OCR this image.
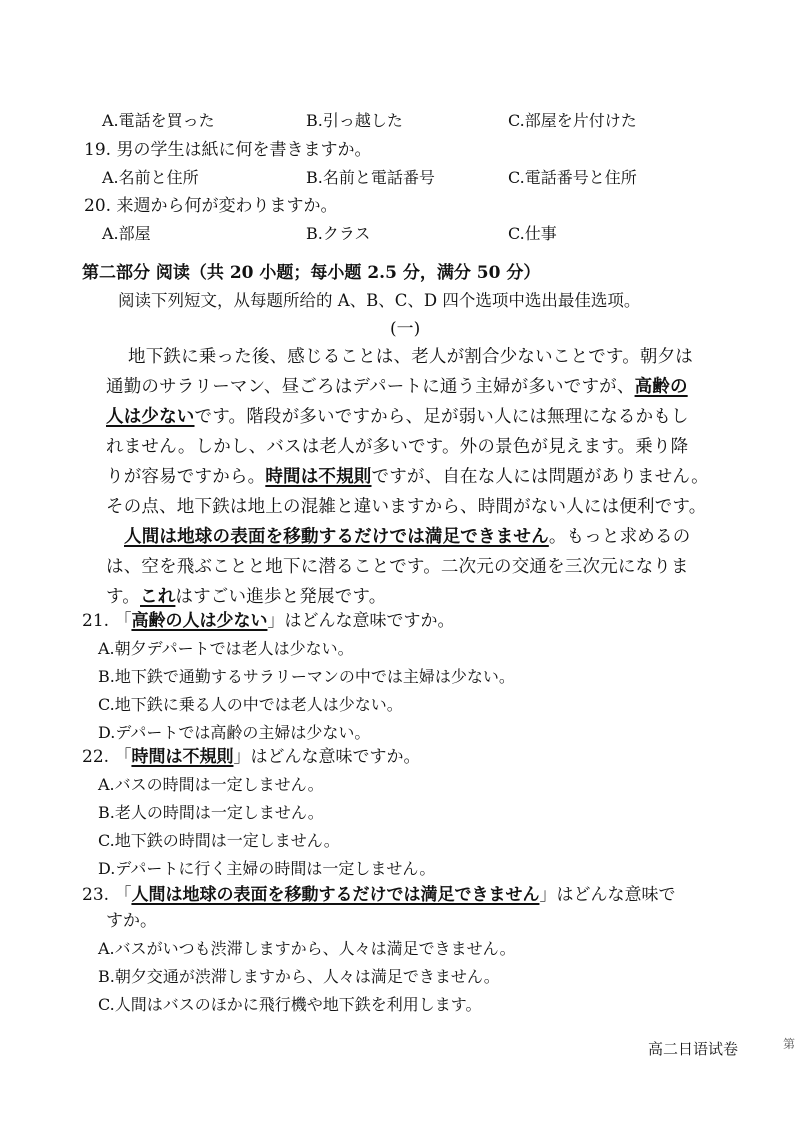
A.電話を買った	B.引っ越した	C.部屋を片付けた
19. 男の学生は紙に何を書きますか。
A.名前と住所	B.名前と電話番号	C.電話番号と住所
20. 来週から何が変わりますか。
A.部屋	B.クラス	C.仕事
第二部分 阅读（共 20 小题；每小题 2.5 分，满分 50 分）
阅读下列短文，从每题所给的 A、B、C、D 四个选项中选出最佳选项。
(一)
地下鉄に乗った後、感じることは、老人が割合少ないことです。朝夕は
通勤のサラリーマン、昼ごろはデパートに通う主婦が多いですが、高齢の
人は少ないです。階段が多いですから、足が弱い人には無理になるかもし
れません。しかし、バスは老人が多いです。外の景色が見えます。乗り降
りが容易ですから。時間は不規則ですが、自在な人には問題がありません。
その点、地下鉄は地上の混雑と違いますから、時間がない人には便利です。
人間は地球の表面を移動するだけでは満足できません。もっと求めるの
は、空を飛ぶことと地下に潜ることです。二次元の交通を三次元になりま
す。これはすごい進歩と発展です。
21. 「高齢の人は少ない」はどんな意味ですか。
A.朝夕デパートでは老人は少ない。
B.地下鉄で通勤するサラリーマンの中では主婦は少ない。
C.地下鉄に乗る人の中では老人は少ない。
D.デパートでは高齢の主婦は少ない。
22. 「時間は不規則」はどんな意味ですか。
A.バスの時間は一定しません。
B.老人の時間は一定しません。
C.地下鉄の時間は一定しません。
D.デパートに行く主婦の時間は一定しません。
23. 「人間は地球の表面を移動するだけでは満足できません」はどんな意味で
すか。
A.バスがいつも渋滞しますから、人々は満足できません。
B.朝夕交通が渋滞しますから、人々は満足できません。
C.人間はバスのほかに飛行機や地下鉄を利用します。
高二日语试卷	第
